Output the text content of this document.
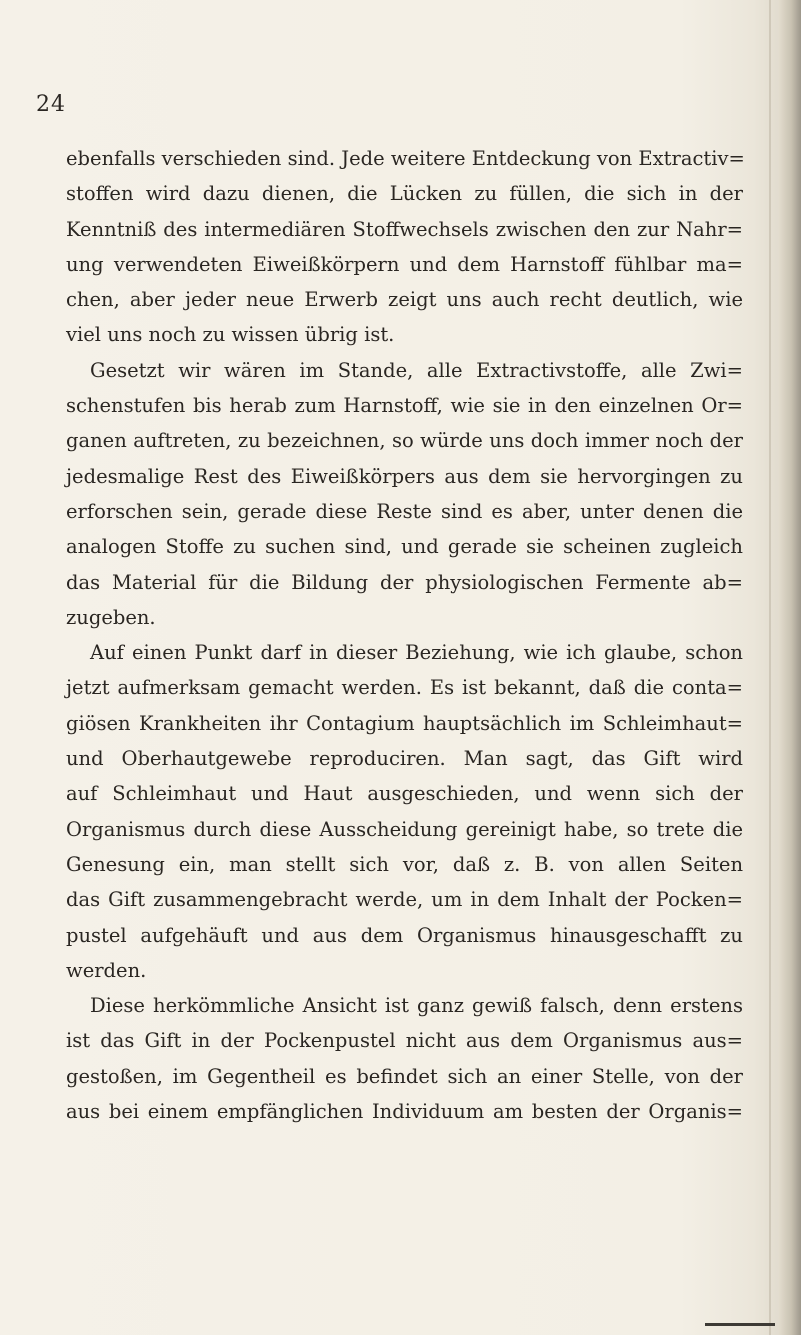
24
ebenfalls verschieden sind. Jede weitere Entdeckung von Extractiv=
stoffen wird dazu dienen, die Lücken zu füllen, die sich in der
Kenntniß des intermediären Stoffwechsels zwischen den zur Nahr=
ung verwendeten Eiweißkörpern und dem Harnstoff fühlbar ma=
chen, aber jeder neue Erwerb zeigt uns auch recht deutlich, wie
viel uns noch zu wissen übrig ist.
Gesetzt wir wären im Stande, alle Extractivstoffe, alle Zwi=
schenstufen bis herab zum Harnstoff, wie sie in den einzelnen Or=
ganen auftreten, zu bezeichnen, so würde uns doch immer noch der
jedesmalige Rest des Eiweißkörpers aus dem sie hervorgingen zu
erforschen sein, gerade diese Reste sind es aber, unter denen die
analogen Stoffe zu suchen sind, und gerade sie scheinen zugleich
das Material für die Bildung der physiologischen Fermente ab=
zugeben.
Auf einen Punkt darf in dieser Beziehung, wie ich glaube, schon
jetzt aufmerksam gemacht werden. Es ist bekannt, daß die conta=
giösen Krankheiten ihr Contagium hauptsächlich im Schleimhaut=
und Oberhautgewebe reproduciren. Man sagt, das Gift wird
auf Schleimhaut und Haut ausgeschieden, und wenn sich der
Organismus durch diese Ausscheidung gereinigt habe, so trete die
Genesung ein, man stellt sich vor, daß z. B. von allen Seiten
das Gift zusammengebracht werde, um in dem Inhalt der Pocken=
pustel aufgehäuft und aus dem Organismus hinausgeschafft zu
werden.
Diese herkömmliche Ansicht ist ganz gewiß falsch, denn erstens
ist das Gift in der Pockenpustel nicht aus dem Organismus aus=
gestoßen, im Gegentheil es befindet sich an einer Stelle, von der
aus bei einem empfänglichen Individuum am besten der Organis=
